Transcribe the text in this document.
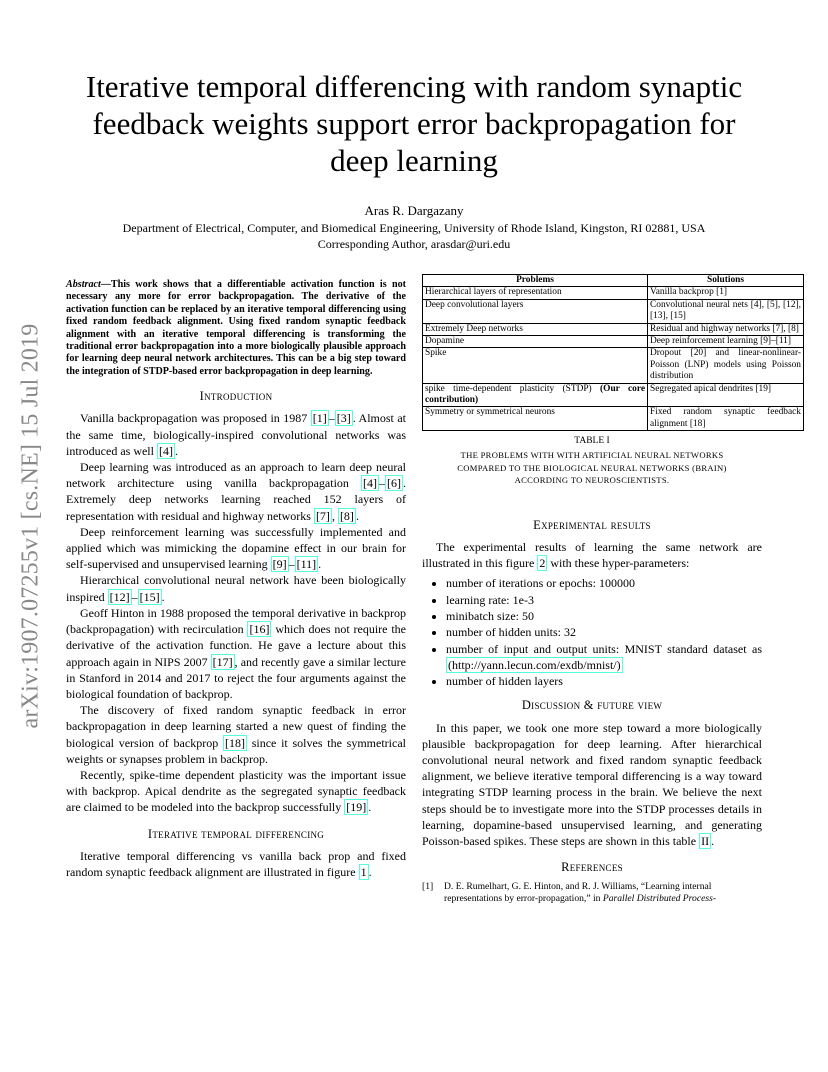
arXiv:1907.07255v1 [cs.NE] 15 Jul 2019
Iterative temporal differencing with random synaptic feedback weights support error backpropagation for deep learning
Aras R. Dargazany
Department of Electrical, Computer, and Biomedical Engineering, University of Rhode Island, Kingston, RI 02881, USA
Corresponding Author, arasdar@uri.edu

Abstract—This work shows that a differentiable activation function is not necessary any more for error backpropagation. The derivative of the activation function can be replaced by an iterative temporal differencing using fixed random feedback alignment. Using fixed random synaptic feedback alignment with an iterative temporal differencing is transforming the traditional error backpropagation into a more biologically plausible approach for learning deep neural network architectures. This can be a big step toward the integration of STDP-based error backpropagation in deep learning.

Introduction

Vanilla backpropagation was proposed in 1987 [1] – [3] . Almost at the same time, biologically-inspired convolutional networks was introduced as well [4] .

Deep learning was introduced as an approach to learn deep neural network architecture using vanilla backpropagation [4] – [6] . Extremely deep networks learning reached 152 layers of representation with residual and highway networks [7] , [8] .

Deep reinforcement learning was successfully implemented and applied which was mimicking the dopamine effect in our brain for self-supervised and unsupervised learning [9] – [11] .

Hierarchical convolutional neural network have been biologically inspired [12] – [15] .

Geoff Hinton in 1988 proposed the temporal derivative in backprop (backpropagation) with recirculation [16] which does not require the derivative of the activation function. He gave a lecture about this approach again in NIPS 2007 [17] , and recently gave a similar lecture in Stanford in 2014 and 2017 to reject the four arguments against the biological foundation of backprop.

The discovery of fixed random synaptic feedback in error backpropagation in deep learning started a new quest of finding the biological version of backprop [18] since it solves the symmetrical weights or synapses problem in backprop.

Recently, spike-time dependent plasticity was the important issue with backprop. Apical dendrite as the segregated synaptic feedback are claimed to be modeled into the backprop successfully [19] .

Iterative temporal differencing

Iterative temporal differencing vs vanilla back prop and fixed random synaptic feedback alignment are illustrated in figure 1 .

Problems	Solutions
Hierarchical layers of representation	Vanilla backprop [1]
Deep convolutional layers	Convolutional neural nets [4], [5], [12], [13], [15]
Extremely Deep networks	Residual and highway networks [7], [8]
Dopamine	Deep reinforcement learning [9]–[11]
Spike	Dropout [20] and linear-nonlinear-Poisson (LNP) models using Poisson distribution
spike time-dependent plasticity (STDP) (Our core contribution)	Segregated apical dendrites [19]
Symmetry or symmetrical neurons	Fixed random synaptic feedback alignment [18]
TABLE I
THE PROBLEMS WITH WITH ARTIFICIAL NEURAL NETWORKS COMPARED TO THE BIOLOGICAL NEURAL NETWORKS (BRAIN) ACCORDING TO NEUROSCIENTISTS.
Experimental results

The experimental results of learning the same network are illustrated in this figure 2 with these hyper-parameters:

• number of iterations or epochs: 100000
• learning rate: 1e-3
• minibatch size: 50
• number of hidden units: 32
• number of input and output units: MNIST standard dataset as (http://yann.lecun.com/exdb/mnist/)
• number of hidden layers
Discussion & future view

In this paper, we took one more step toward a more biologically plausible backpropagation for deep learning. After hierarchical convolutional neural network and fixed random synaptic feedback alignment, we believe iterative temporal differencing is a way toward integrating STDP learning process in the brain. We believe the next steps should be to investigate more into the STDP processes details in learning, dopamine-based unsupervised learning, and generating Poisson-based spikes. These steps are shown in this table II .

References
[1]	D. E. Rumelhart, G. E. Hinton, and R. J. Williams, “Learning internal representations by error-propagation,” in Parallel Distributed Process-
